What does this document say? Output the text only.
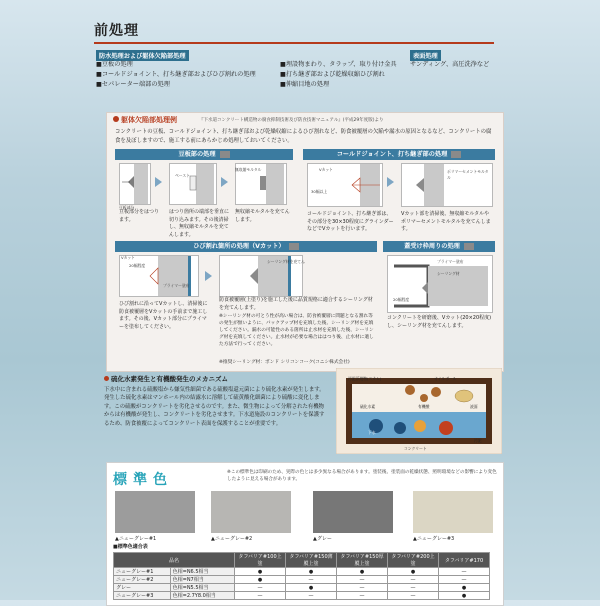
前処理
防水処理および躯体欠陥部処理
■豆板の処理
■コールドジョイント、打ち継ぎ部およびひび割れの処理
■セパレーター端部の処理
■埋設物まわり、タラップ、取り付け金具
■打ち継ぎ部および乾燥収縮ひび割れ
■伸縮目地の処理
表面処理
サンディング、高圧洗浄など
躯体欠陥部処理例	『下水道コンクリート構造物の腐食抑制技術及び防食技術マニュアル』(平成29年度版)より
コンクリートの豆板、コールドジョイント、打ち継ぎ部および乾燥収縮によるひび割れなど、防食被覆層の欠陥や漏水の原因となるなど、コンクリートの腐食を及ぼしますので、施工する前にあらかじめ処理しておいてください。
豆板部の処理
豆板部分
ペースト
無収縮モルタル
豆板部分をはつります。
はつり箇所の端部を垂直に切り込みます。その後清掃し、無収縮モルタルを充てんします。
無収縮モルタルを充てんします。
コールドジョイント、打ち継ぎ部の処理
Vカット
30幅以上
ポリマーセメントモルタル
コールドジョイント、打ち継ぎ部は、その部分を30×30程度にグラインダーなどでVカットを行います。
Vカット部を清掃後、無収縮モルタルやポリマーセメントモルタルを充てんします。
ひび割れ箇所の処理（Vカット）
Vカット
20幅程度
プライマー塗布
シーリング材を充てん
ひび割れに沿ってVカットし、清掃後に防食被覆層をVカットの手前まで施工します。その後、Vカット部分にプライマーを塗布してください。
防食被覆層(上塗り)を施工した後に品質規格に適合するシーリング材を充てんします。
※シーリング材の可とう性が高い場合は、防食被覆層に問題となる割れ等の発生が無いように、バックアップ材を充填した後、シーリング材を充填してください。漏水の可能性のある箇所は止水材を充填した後、シーリング材を充填してください。止水材が必要な場合ははつり後、止水材に適した方法で行ってください。
※推奨シーリング材：ボンド シリコンコーク(コニシ株式会社)
蓋受け枠周りの処理
プライマー塗布
シーリング材
20幅程度
コンクリートを研磨後、Vカット(20×20程度)し、シーリング材を充てんします。
硫化水素発生と有機酸発生のメカニズム
下水中に含まれる硫酸塩から嫌気性細菌である硫酸塩還元菌により硫化水素が発生します。発生した硫化水素はマンホール内の結露水に溶解して硫黄酸化細菌により硫酸に変化します。この硫酸がコンクリートを劣化させるのです。また、微生物によって分解された有機物からは有機酸が発生し、コンクリートを劣化させます。下水道施設のコンクリートを保護するため、防食被覆によってコンクリート表面を保護することが重要です。
汚泥浮遊物(スカム)	オイルボール
硫化水素	有機酸
コンクリート
液面
下水
汚泥
標準色	※この標準色は印刷のため、実際の色とは多少異なる場合があります。塗装後、塗装面の乾燥状態、照明環境などの影響により変色したように見える場合があります。
▲ニューグレー#1	▲ニューグレー#2	▲グレー	▲ニューグレー#3
■標準色適合表
品名		タフバリア#100上塗	タフバリア#150薄膜上塗	タフバリア#150厚膜上塗	タフバリア#200上塗	タフバリア#170
ニューグレー#1	色相=N6.5相当	●	●	●	●	—
ニューグレー#2	色相=N7相当	●	—	—	—	—
グレー	色相=N5.5相当	—	●	—	—	●
ニューグレー#3	色相=2.7Y8.0相当	—	—	—	—	●
